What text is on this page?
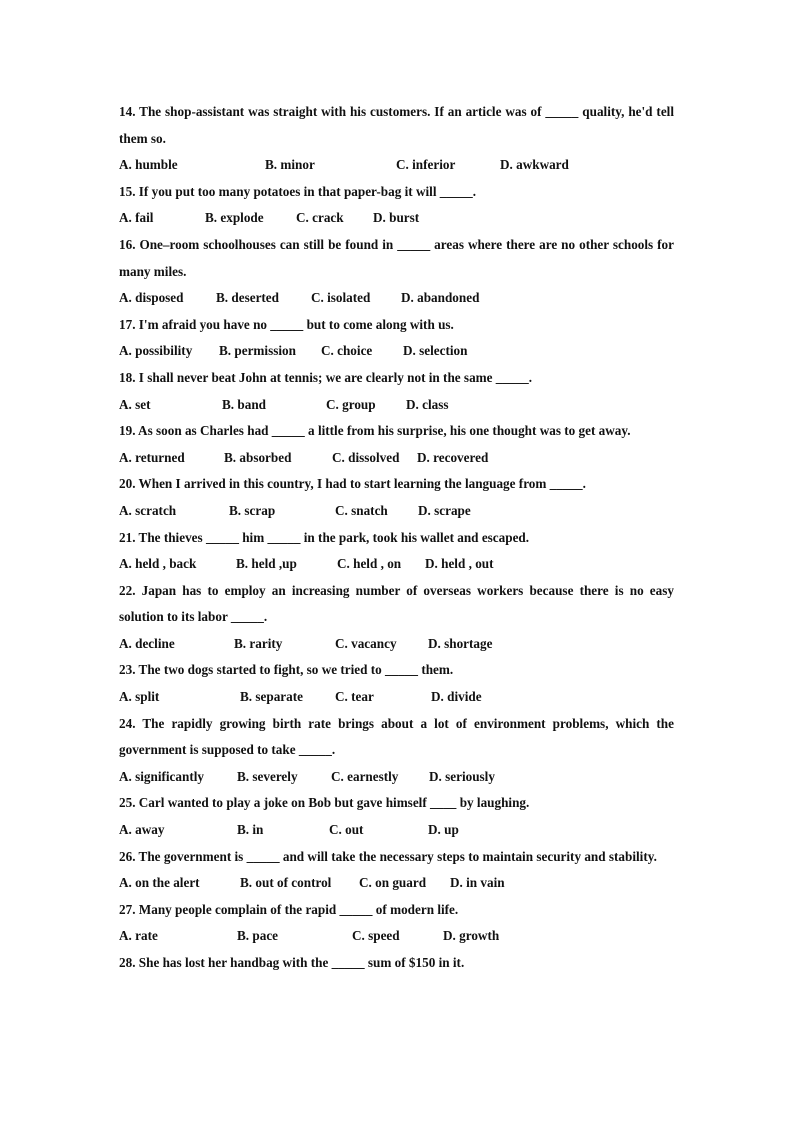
14. The shop-assistant was straight with his customers. If an article was of _____ quality, he'd tell them so.

A. humble	B. minor	C. inferior	D. awkward

15. If you put too many potatoes in that paper-bag it will _____.

A. fail	B. explode C. crack D. burst

16. One–room schoolhouses can still be found in _____ areas where there are no other schools for many miles.

A. disposed B. deserted C. isolated D. abandoned

17. I'm afraid you have no _____ but to come along with us.

A. possibility B. permission C. choice D. selection

18. I shall never beat John at tennis; we are clearly not in the same _____.

A. set	B. band	C. group D. class

19. As soon as Charles had _____ a little from his surprise, his one thought was to get away.

A. returned	B. absorbed	C. dissolved D. recovered

20. When I arrived in this country, I had to start learning the language from _____.

A. scratch	B. scrap	C. snatch D. scrape

21. The thieves _____ him _____ in the park, took his wallet and escaped.

A. held , back	B. held ,up	C. held , on D. held , out

22. Japan has to employ an increasing number of overseas workers because there is no easy solution to its labor _____.

A. decline	B. rarity	C. vacancy D. shortage

23. The two dogs started to fight, so we tried to _____ them.

A. split	B. separate C. tear	D. divide

24. The rapidly growing birth rate brings about a lot of environment problems, which the government is supposed to take _____.

A. significantly	B. severely	C. earnestly D. seriously

25. Carl wanted to play a joke on Bob but gave himself ____ by laughing.

A. away	B. in	C. out	D. up

26. The government is _____ and will take the necessary steps to maintain security and stability.

A. on the alert	B. out of control C. on guard D. in vain

27. Many people complain of the rapid _____ of modern life.

A. rate	B. pace	C. speed	D. growth

28. She has lost her handbag with the _____ sum of $150 in it.
